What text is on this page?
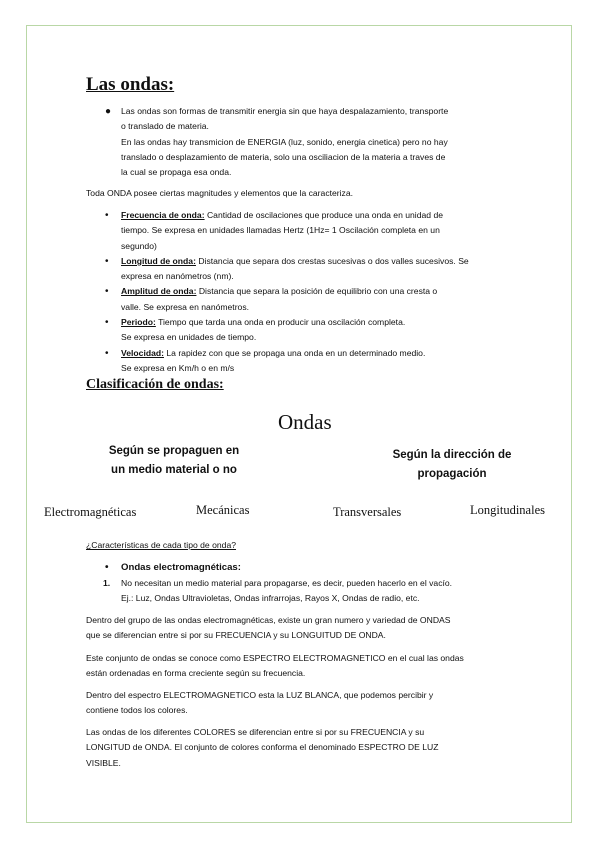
Las ondas:
● Las ondas son formas de transmitir energia sin que haya despalazamiento, transporte
o translado de materia.
En las ondas hay transmicion de ENERGIA (luz, sonido, energia cinetica) pero no hay
translado o desplazamiento de materia, solo una osciliacion de la materia a traves de
la cual se propaga esa onda.
Toda ONDA posee ciertas magnitudes y elementos que la caracteriza.
• Frecuencia de onda: Cantidad de oscilaciones que produce una onda en unidad de
tiempo. Se expresa en unidades llamadas Hertz (1Hz= 1 Oscilación completa en un
segundo)
• Longitud de onda: Distancia que separa dos crestas sucesivas o dos valles sucesivos. Se
expresa en nanómetros (nm).
• Amplitud de onda: Distancia que separa la posición de equilibrio con una cresta o
valle. Se expresa en nanómetros.
• Periodo: Tiempo que tarda una onda en producir una oscilación completa.
Se expresa en unidades de tiempo.
• Velocidad: La rapidez con que se propaga una onda en un determinado medio.
Se expresa en Km/h o en m/s
Clasificación de ondas:
Ondas
Según se propaguen en
un medio material o no
Según la dirección de
propagación
Electromagnéticas	Mecánicas	Transversales	Longitudinales
¿Características de cada tipo de onda?
• Ondas electromagnéticas:
1. No necesitan un medio material para propagarse, es decir, pueden hacerlo en el vacío.
Ej.: Luz, Ondas Ultravioletas, Ondas infrarrojas, Rayos X, Ondas de radio, etc.
Dentro del grupo de las ondas electromagnéticas, existe un gran numero y variedad de ONDAS
que se diferencian entre si por su FRECUENCIA y su LONGUITUD DE ONDA.
Este conjunto de ondas se conoce como ESPECTRO ELECTROMAGNETICO en el cual las ondas
están ordenadas en forma creciente según su frecuencia.
Dentro del espectro ELECTROMAGNETICO esta la LUZ BLANCA, que podemos percibir y
contiene todos los colores.
Las ondas de los diferentes COLORES se diferencian entre si por su FRECUENCIA y su
LONGITUD de ONDA. El conjunto de colores conforma el denominado ESPECTRO DE LUZ
VISIBLE.
